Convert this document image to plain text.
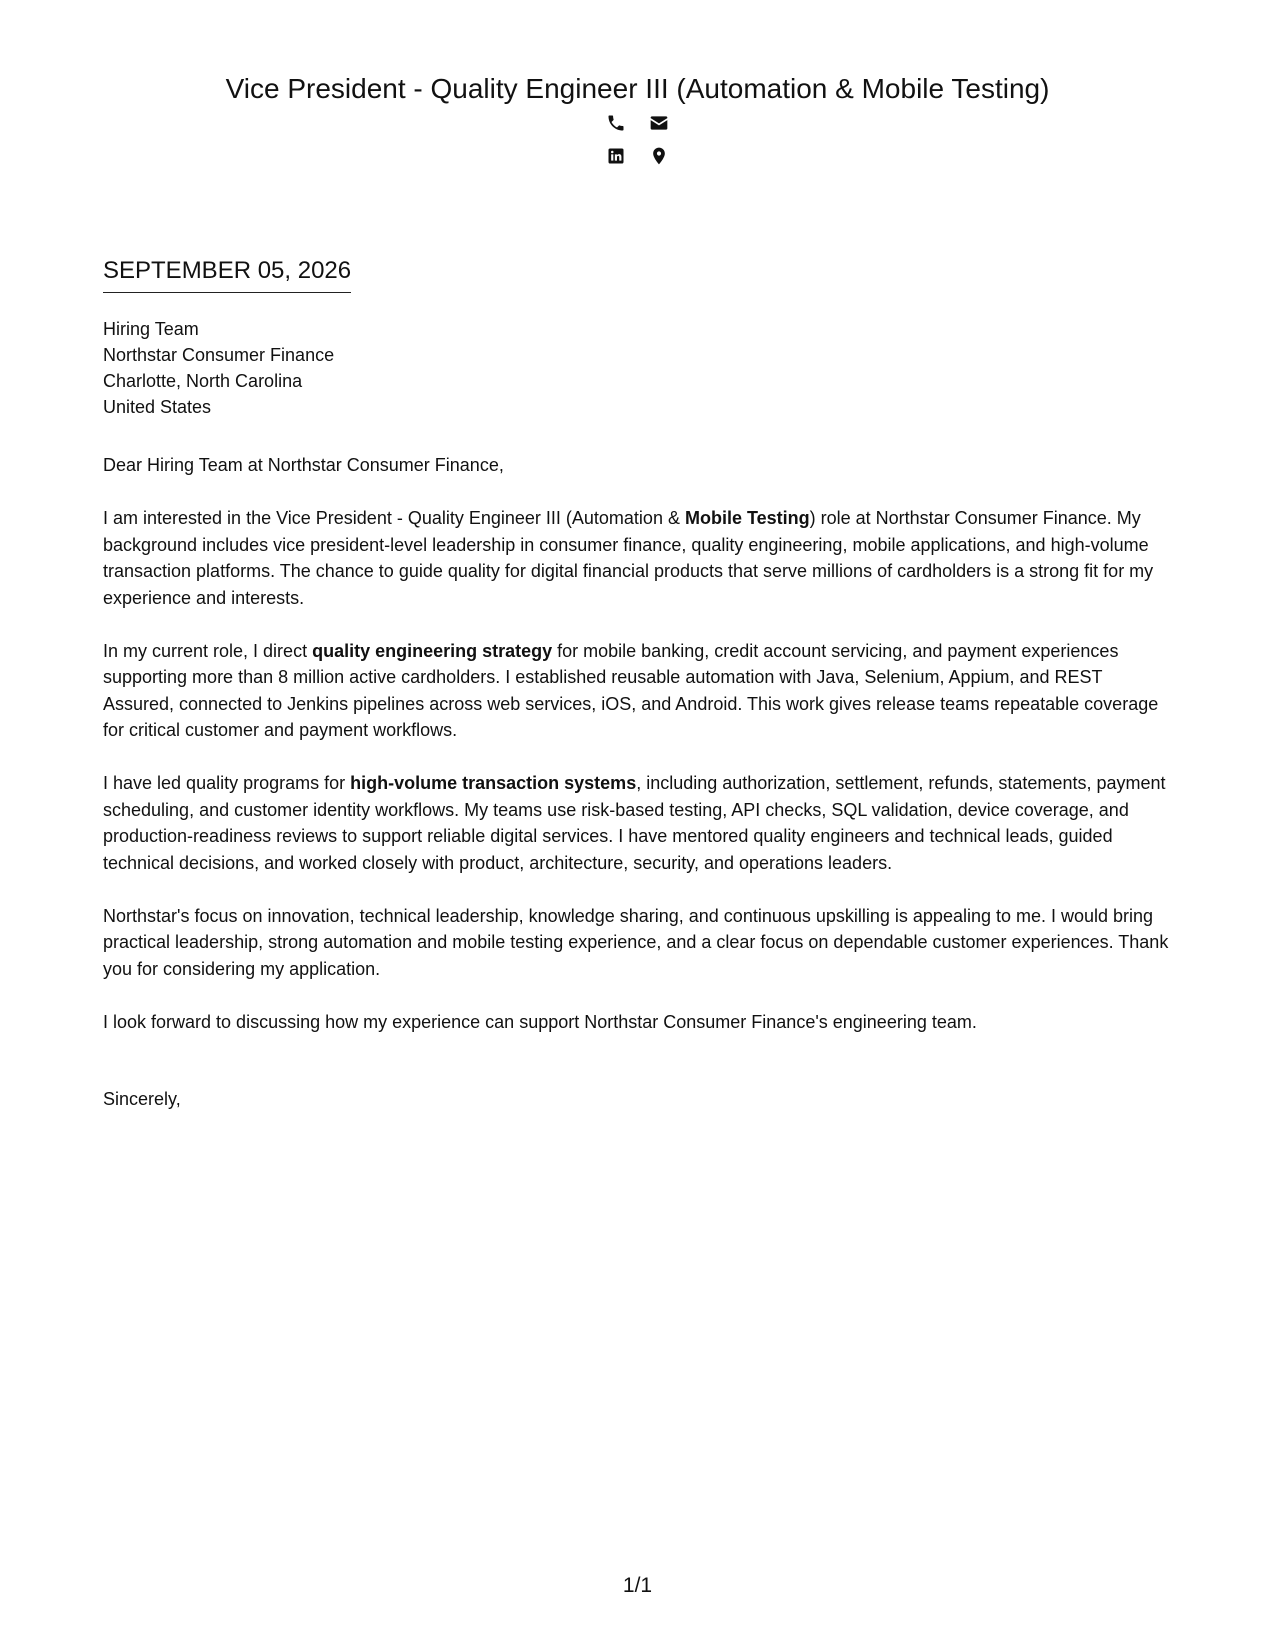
Vice President - Quality Engineer III (Automation & Mobile Testing)

SEPTEMBER 05, 2026
Hiring Team
Northstar Consumer Finance
Charlotte, North Carolina
United States

Dear Hiring Team at Northstar Consumer Finance,

I am interested in the Vice President - Quality Engineer III (Automation & Mobile Testing) role at Northstar Consumer Finance. My background includes vice president-level leadership in consumer finance, quality engineering, mobile applications, and high-volume transaction platforms. The chance to guide quality for digital financial products that serve millions of cardholders is a strong fit for my experience and interests.

In my current role, I direct quality engineering strategy for mobile banking, credit account servicing, and payment experiences supporting more than 8 million active cardholders. I established reusable automation with Java, Selenium, Appium, and REST Assured, connected to Jenkins pipelines across web services, iOS, and Android. This work gives release teams repeatable coverage for critical customer and payment workflows.

I have led quality programs for high-volume transaction systems, including authorization, settlement, refunds, statements, payment scheduling, and customer identity workflows. My teams use risk-based testing, API checks, SQL validation, device coverage, and production-readiness reviews to support reliable digital services. I have mentored quality engineers and technical leads, guided technical decisions, and worked closely with product, architecture, security, and operations leaders.

Northstar's focus on innovation, technical leadership, knowledge sharing, and continuous upskilling is appealing to me. I would bring practical leadership, strong automation and mobile testing experience, and a clear focus on dependable customer experiences. Thank you for considering my application.

I look forward to discussing how my experience can support Northstar Consumer Finance's engineering team.

Sincerely,
1/1
